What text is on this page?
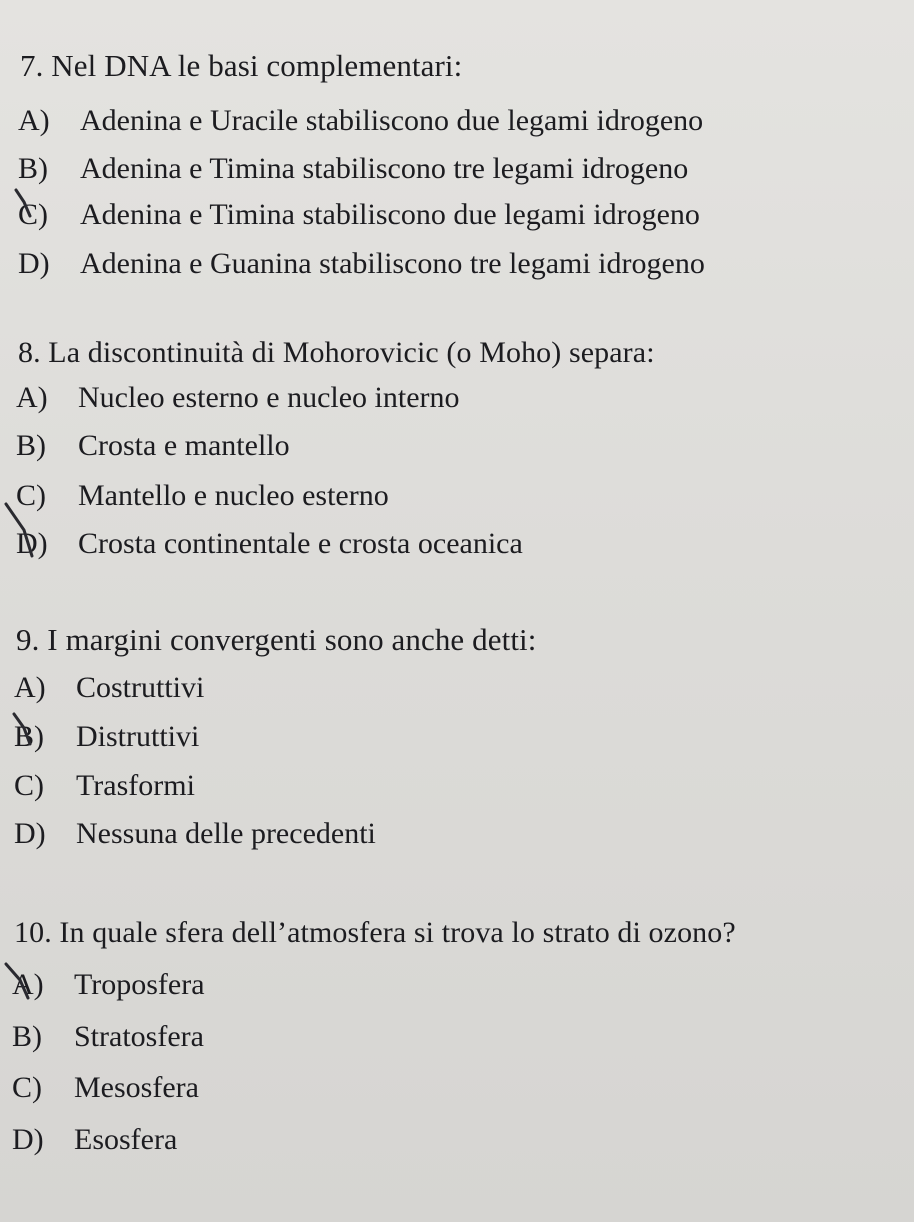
7. Nel DNA le basi complementari:
A) Adenina e Uracile stabiliscono due legami idrogeno
B) Adenina e Timina stabiliscono tre legami idrogeno
C) Adenina e Timina stabiliscono due legami idrogeno
D) Adenina e Guanina stabiliscono tre legami idrogeno
8. La discontinuità di Mohorovicic (o Moho) separa:
A) Nucleo esterno e nucleo interno
B) Crosta e mantello
C) Mantello e nucleo esterno
D) Crosta continentale e crosta oceanica
9. I margini convergenti sono anche detti:
A) Costruttivi
B) Distruttivi
C) Trasformi
D) Nessuna delle precedenti
10. In quale sfera dell’atmosfera si trova lo strato di ozono?
A) Troposfera
B) Stratosfera
C) Mesosfera
D) Esosfera
